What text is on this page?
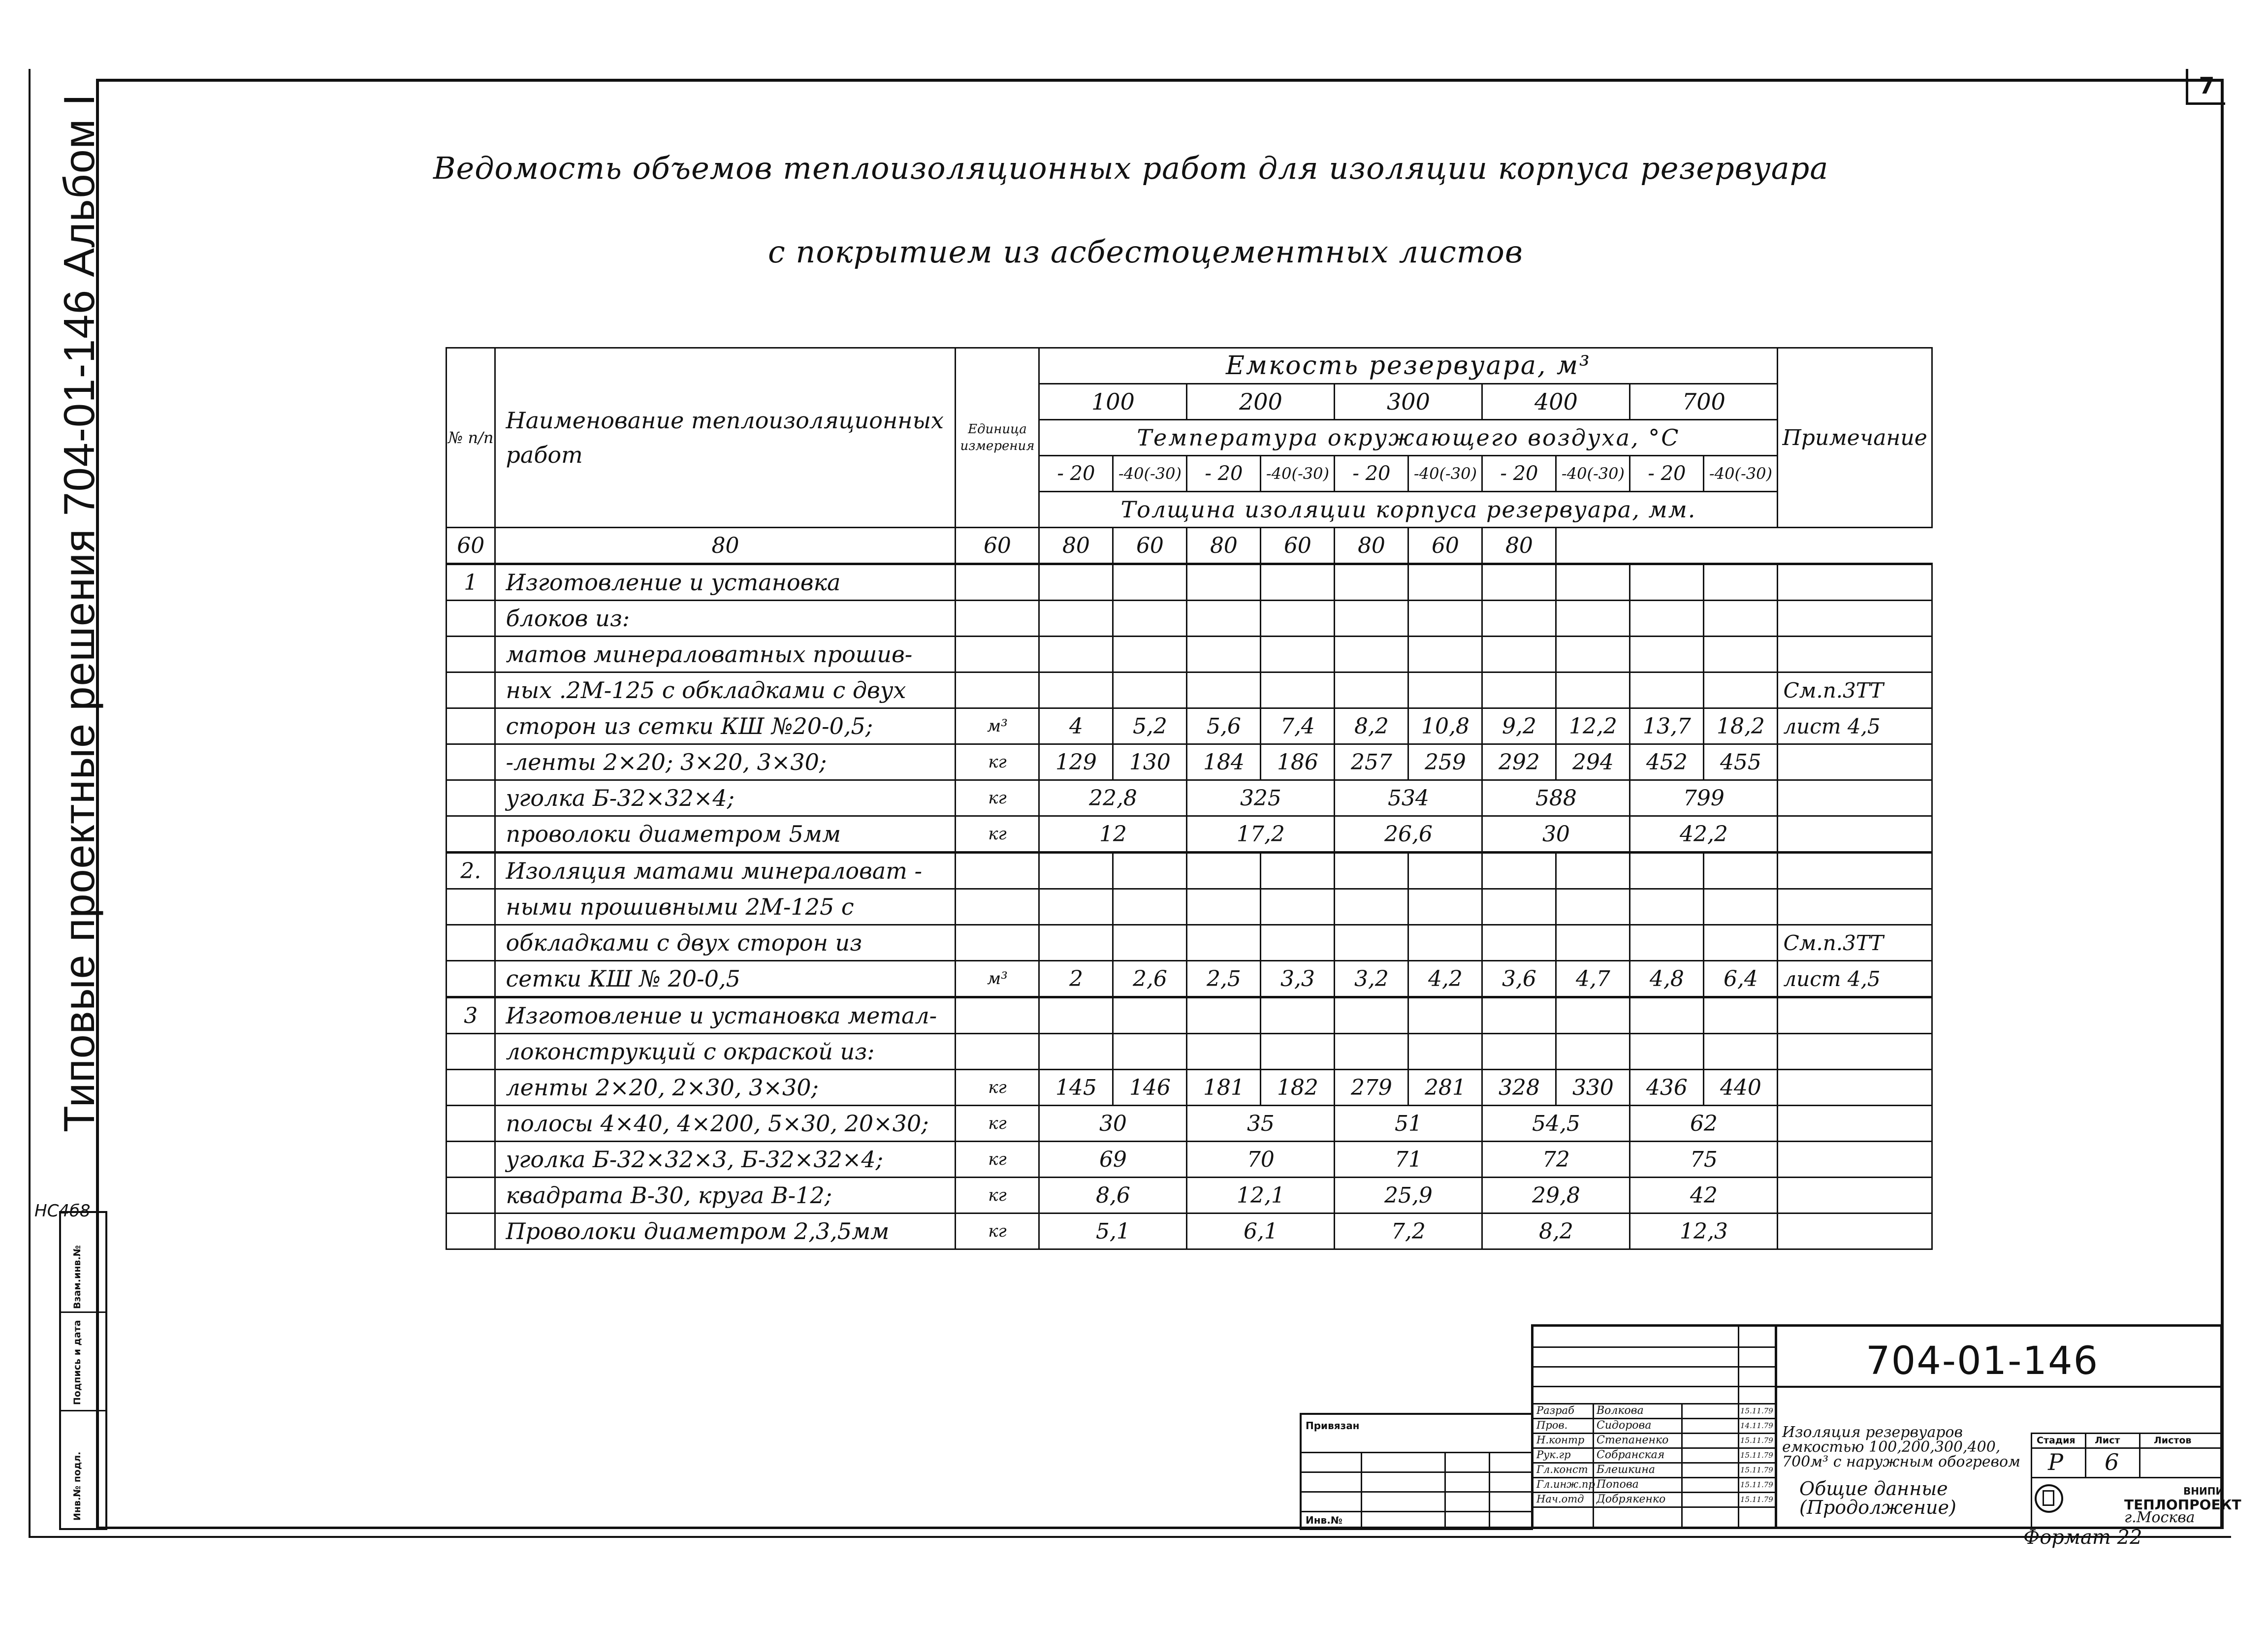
7
Типовые проектные решения 704-01-146 Альбом I
НС4б8
Взам.инв.№
Подпись и дата
Инв.№ подл.
Ведомость объемов теплоизоляционных работ для изоляции корпуса резервуара
с покрытием из асбестоцементных листов
№ п/п	Наименование теплоизоляционных работ	Единица измерения	Емкость резервуара, м³										Примечание
			100		200		300		400		700		
			Температура окружающего воздуха, °С										
			- 20	-40(-30)	- 20	-40(-30)	- 20	-40(-30)	- 20	-40(-30)	- 20	-40(-30)	
			Толщина изоляции корпуса резервуара, мм.										
60	80	60	80	60	80	60	80	60	80				
1	Изготовление и установка												
	блоков из:												
	матов минераловатных прошив-												
	ных .2М-125 с обкладками с двух												См.п.3ТТ
	сторон из сетки КШ №20-0,5;	м³	4	5,2	5,6	7,4	8,2	10,8	9,2	12,2	13,7	18,2	лист 4,5
	-ленты 2×20; 3×20, 3×30;	кг	129	130	184	186	257	259	292	294	452	455	
	уголка Б-32×32×4;	кг	22,8		325		534		588		799		
	проволоки диаметром 5мм	кг	12		17,2		26,6		30		42,2		
2.	Изоляция матами минераловат -												
	ными прошивными 2М-125 с												
	обкладками с двух сторон из												См.п.3ТТ
	сетки КШ № 20-0,5	м³	2	2,6	2,5	3,3	3,2	4,2	3,6	4,7	4,8	6,4	лист 4,5
3	Изготовление и установка метал-												
	локонструкций с окраской из:												
	ленты 2×20, 2×30, 3×30;	кг	145	146	181	182	279	281	328	330	436	440	
	полосы 4×40, 4×200, 5×30, 20×30;	кг	30		35		51		54,5		62		
	уголка Б-32×32×3, Б-32×32×4;	кг	69		70		71		72		75		
	квадрата В-30, круга В-12;	кг	8,6		12,1		25,9		29,8		42		
	Проволоки диаметром 2,3,5мм	кг	5,1		6,1		7,2		8,2		12,3		
Привязан
Инв.№
Разраб Волкова	15.11.79
Пров.	Сидорова	14.11.79
Н.контр Степаненко	15.11.79
Рук.гр Собранская	15.11.79
Гл.конст Блешкина	15.11.79
Гл.инж.пр Попова	15.11.79
Нач.отд Добрякенко	15.11.79
Изоляция резервуаров емкостью 100,200,300,400, 700м³ с наружным обогревом
Общие данные (Продолжение)
Стадия Лист	Листов
Р 6
ВНИПИ
ТЕПЛОПРОЕКТ
г.Москва
704-01-146
Формат 22
